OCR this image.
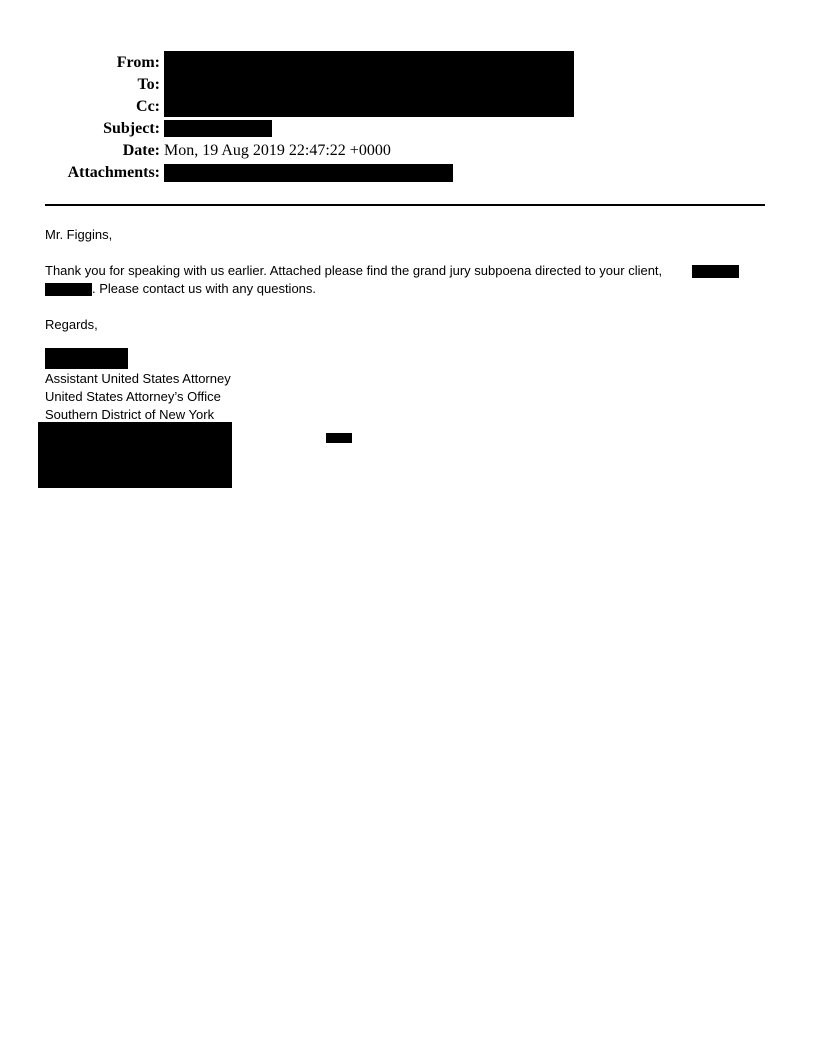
From:
To:
Cc:
Subject:
Date: Mon, 19 Aug 2019 22:47:22 +0000
Attachments:
Mr. Figgins,
Thank you for speaking with us earlier. Attached please find the grand jury subpoena directed to your client,
. Please contact us with any questions.
Regards,
Assistant United States Attorney
United States Attorney’s Office
Southern District of New York
